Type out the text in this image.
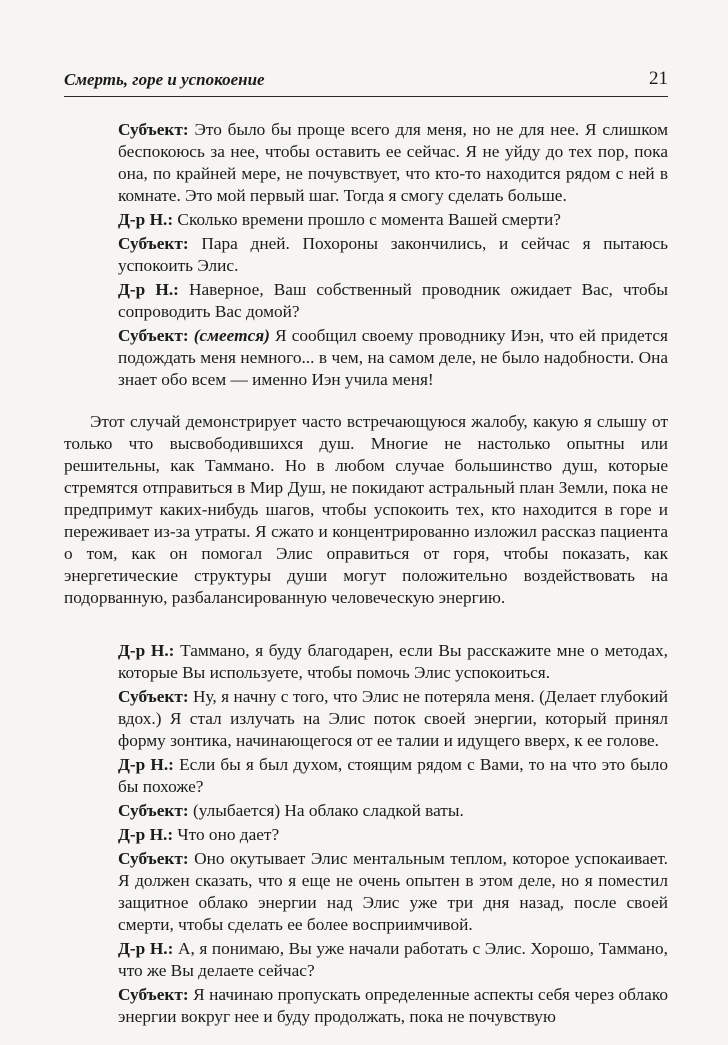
Смерть, горе и успокоение	21

Субъект: Это было бы проще всего для меня, но не для нее. Я слишком беспокоюсь за нее, чтобы оставить ее сейчас. Я не уйду до тех пор, пока она, по крайней мере, не почувствует, что кто-то находится рядом с ней в комнате. Это мой первый шаг. Тогда я смогу сделать больше.

Д-р Н.: Сколько времени прошло с момента Вашей смерти?

Субъект: Пара дней. Похороны закончились, и сейчас я пытаюсь успокоить Элис.

Д-р Н.: Наверное, Ваш собственный проводник ожидает Вас, чтобы сопроводить Вас домой?

Субъект: (смеется) Я сообщил своему проводнику Иэн, что ей придется подождать меня немного... в чем, на самом деле, не было надобности. Она знает обо всем — именно Иэн учила меня!

Этот случай демонстрирует часто встречающуюся жалобу, какую я слышу от только что высвободившихся душ. Многие не настолько опытны или решительны, как Таммано. Но в любом случае большинство душ, которые стремятся отправиться в Мир Душ, не покидают астральный план Земли, пока не предпримут каких-нибудь шагов, чтобы успокоить тех, кто находится в горе и переживает из-за утраты. Я сжато и концентрированно изложил рассказ пациента о том, как он помогал Элис оправиться от горя, чтобы показать, как энергетические структуры души могут положительно воздействовать на подорванную, разбалансированную человеческую энергию.

Д-р Н.: Таммано, я буду благодарен, если Вы расскажите мне о методах, которые Вы используете, чтобы помочь Элис успокоиться.

Субъект: Ну, я начну с того, что Элис не потеряла меня. (Делает глубокий вдох.) Я стал излучать на Элис поток своей энергии, который принял форму зонтика, начинающегося от ее талии и идущего вверх, к ее голове.

Д-р Н.: Если бы я был духом, стоящим рядом с Вами, то на что это было бы похоже?

Субъект: (улыбается) На облако сладкой ваты.

Д-р Н.: Что оно дает?

Субъект: Оно окутывает Элис ментальным теплом, которое успокаивает. Я должен сказать, что я еще не очень опытен в этом деле, но я поместил защитное облако энергии над Элис уже три дня назад, после своей смерти, чтобы сделать ее более восприимчивой.

Д-р Н.: А, я понимаю, Вы уже начали работать с Элис. Хорошо, Таммано, что же Вы делаете сейчас?

Субъект: Я начинаю пропускать определенные аспекты себя через облако энергии вокруг нее и буду продолжать, пока не почувствую
